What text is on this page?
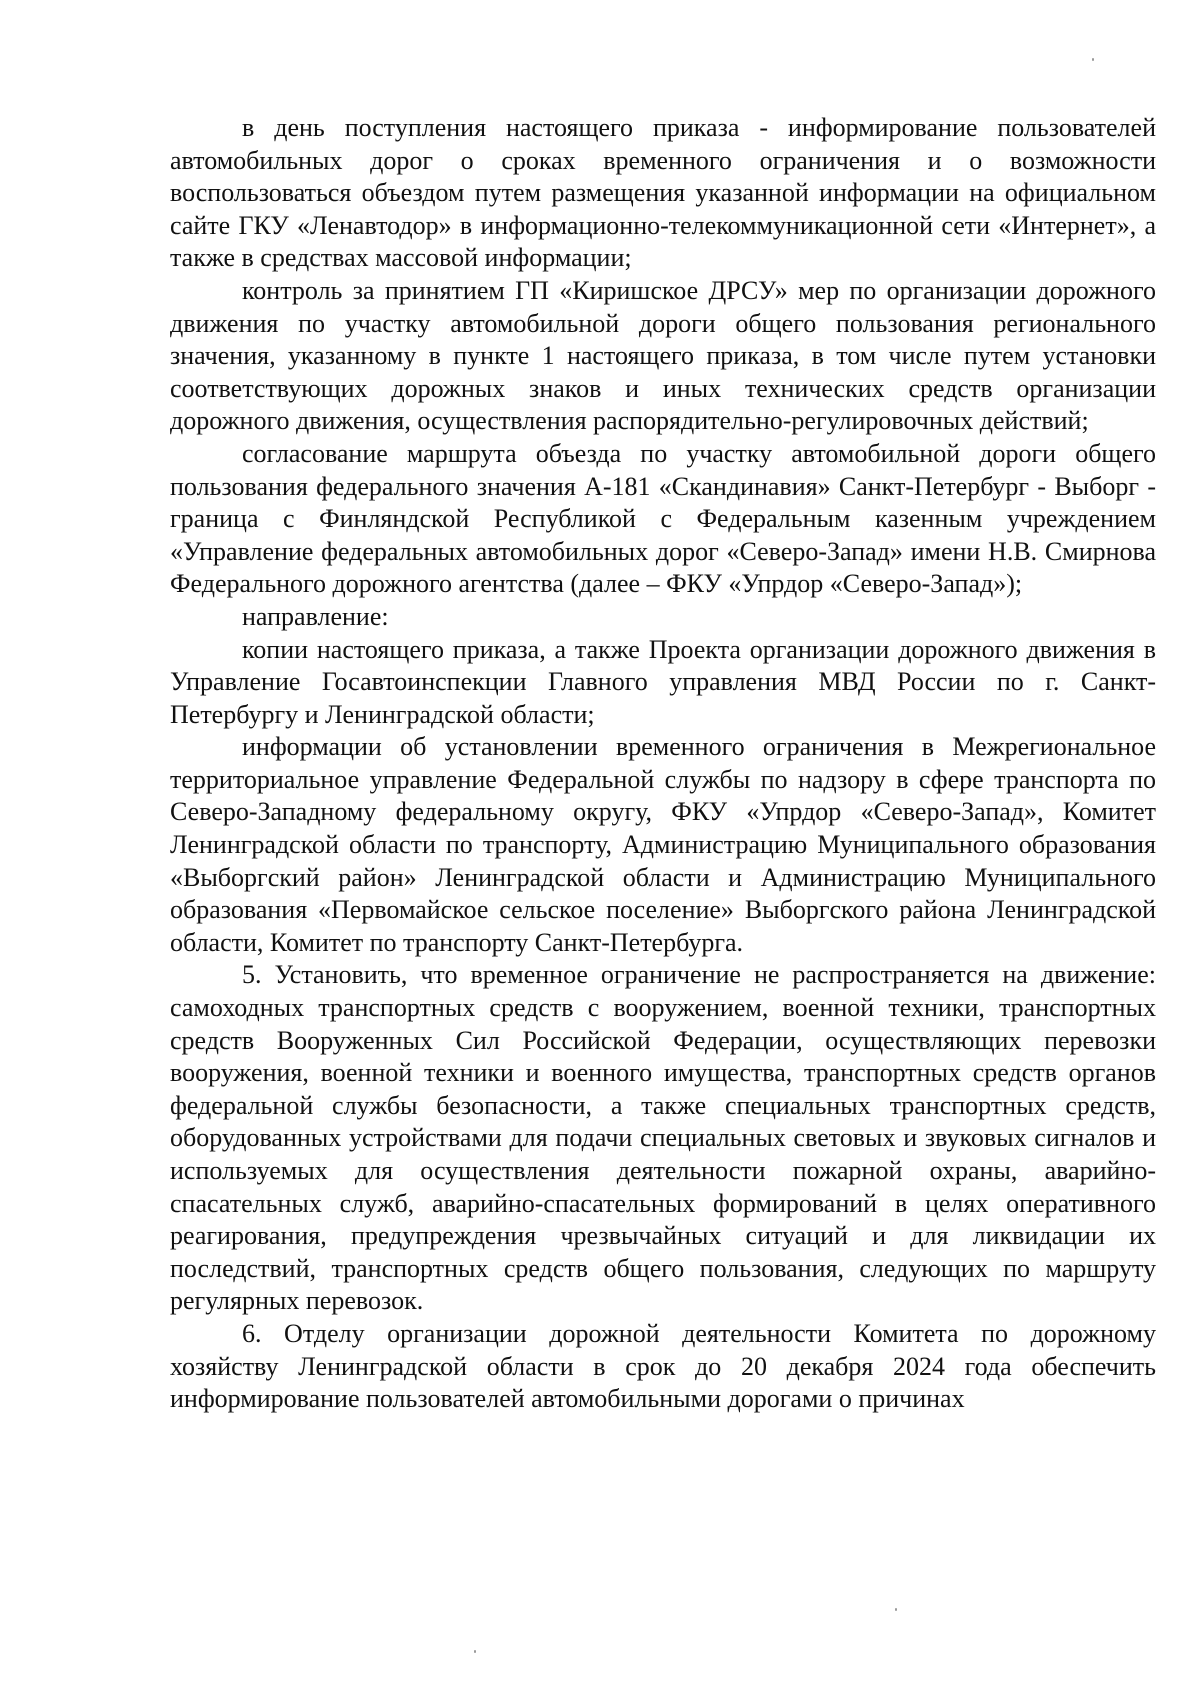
в день поступления настоящего приказа - информирование пользователей автомобильных дорог о сроках временного ограничения и о возможности воспользоваться объездом путем размещения указанной информации на официальном сайте ГКУ «Ленавтодор» в информационно-телекоммуникационной сети «Интернет», а также в средствах массовой информации;

контроль за принятием ГП «Киришское ДРСУ» мер по организации дорожного движения по участку автомобильной дороги общего пользования регионального значения, указанному в пункте 1 настоящего приказа, в том числе путем установки соответствующих дорожных знаков и иных технических средств организации дорожного движения, осуществления распорядительно-регулировочных действий;

согласование маршрута объезда по участку автомобильной дороги общего пользования федерального значения А-181 «Скандинавия» Санкт-Петербург - Выборг - граница с Финляндской Республикой с Федеральным казенным учреждением «Управление федеральных автомобильных дорог «Северо-Запад» имени Н.В. Смирнова Федерального дорожного агентства (далее – ФКУ «Упрдор «Северо-Запад»);

направление:

копии настоящего приказа, а также Проекта организации дорожного движения в Управление Госавтоинспекции Главного управления МВД России по г. Санкт-Петербургу и Ленинградской области;

информации об установлении временного ограничения в Межрегиональное территориальное управление Федеральной службы по надзору в сфере транспорта по Северо-Западному федеральному округу, ФКУ «Упрдор «Северо-Запад», Комитет Ленинградской области по транспорту, Администрацию Муниципального образования «Выборгский район» Ленинградской области и Администрацию Муниципального образования «Первомайское сельское поселение» Выборгского района Ленинградской области, Комитет по транспорту Санкт-Петербурга.

5. Установить, что временное ограничение не распространяется на движение: самоходных транспортных средств с вооружением, военной техники, транспортных средств Вооруженных Сил Российской Федерации, осуществляющих перевозки вооружения, военной техники и военного имущества, транспортных средств органов федеральной службы безопасности, а также специальных транспортных средств, оборудованных устройствами для подачи специальных световых и звуковых сигналов и используемых для осуществления деятельности пожарной охраны, аварийно-спасательных служб, аварийно-спасательных формирований в целях оперативного реагирования, предупреждения чрезвычайных ситуаций и для ликвидации их последствий, транспортных средств общего пользования, следующих по маршруту регулярных перевозок.

6. Отделу организации дорожной деятельности Комитета по дорожному хозяйству Ленинградской области в срок до 20 декабря 2024 года обеспечить информирование пользователей автомобильными дорогами о причинах
